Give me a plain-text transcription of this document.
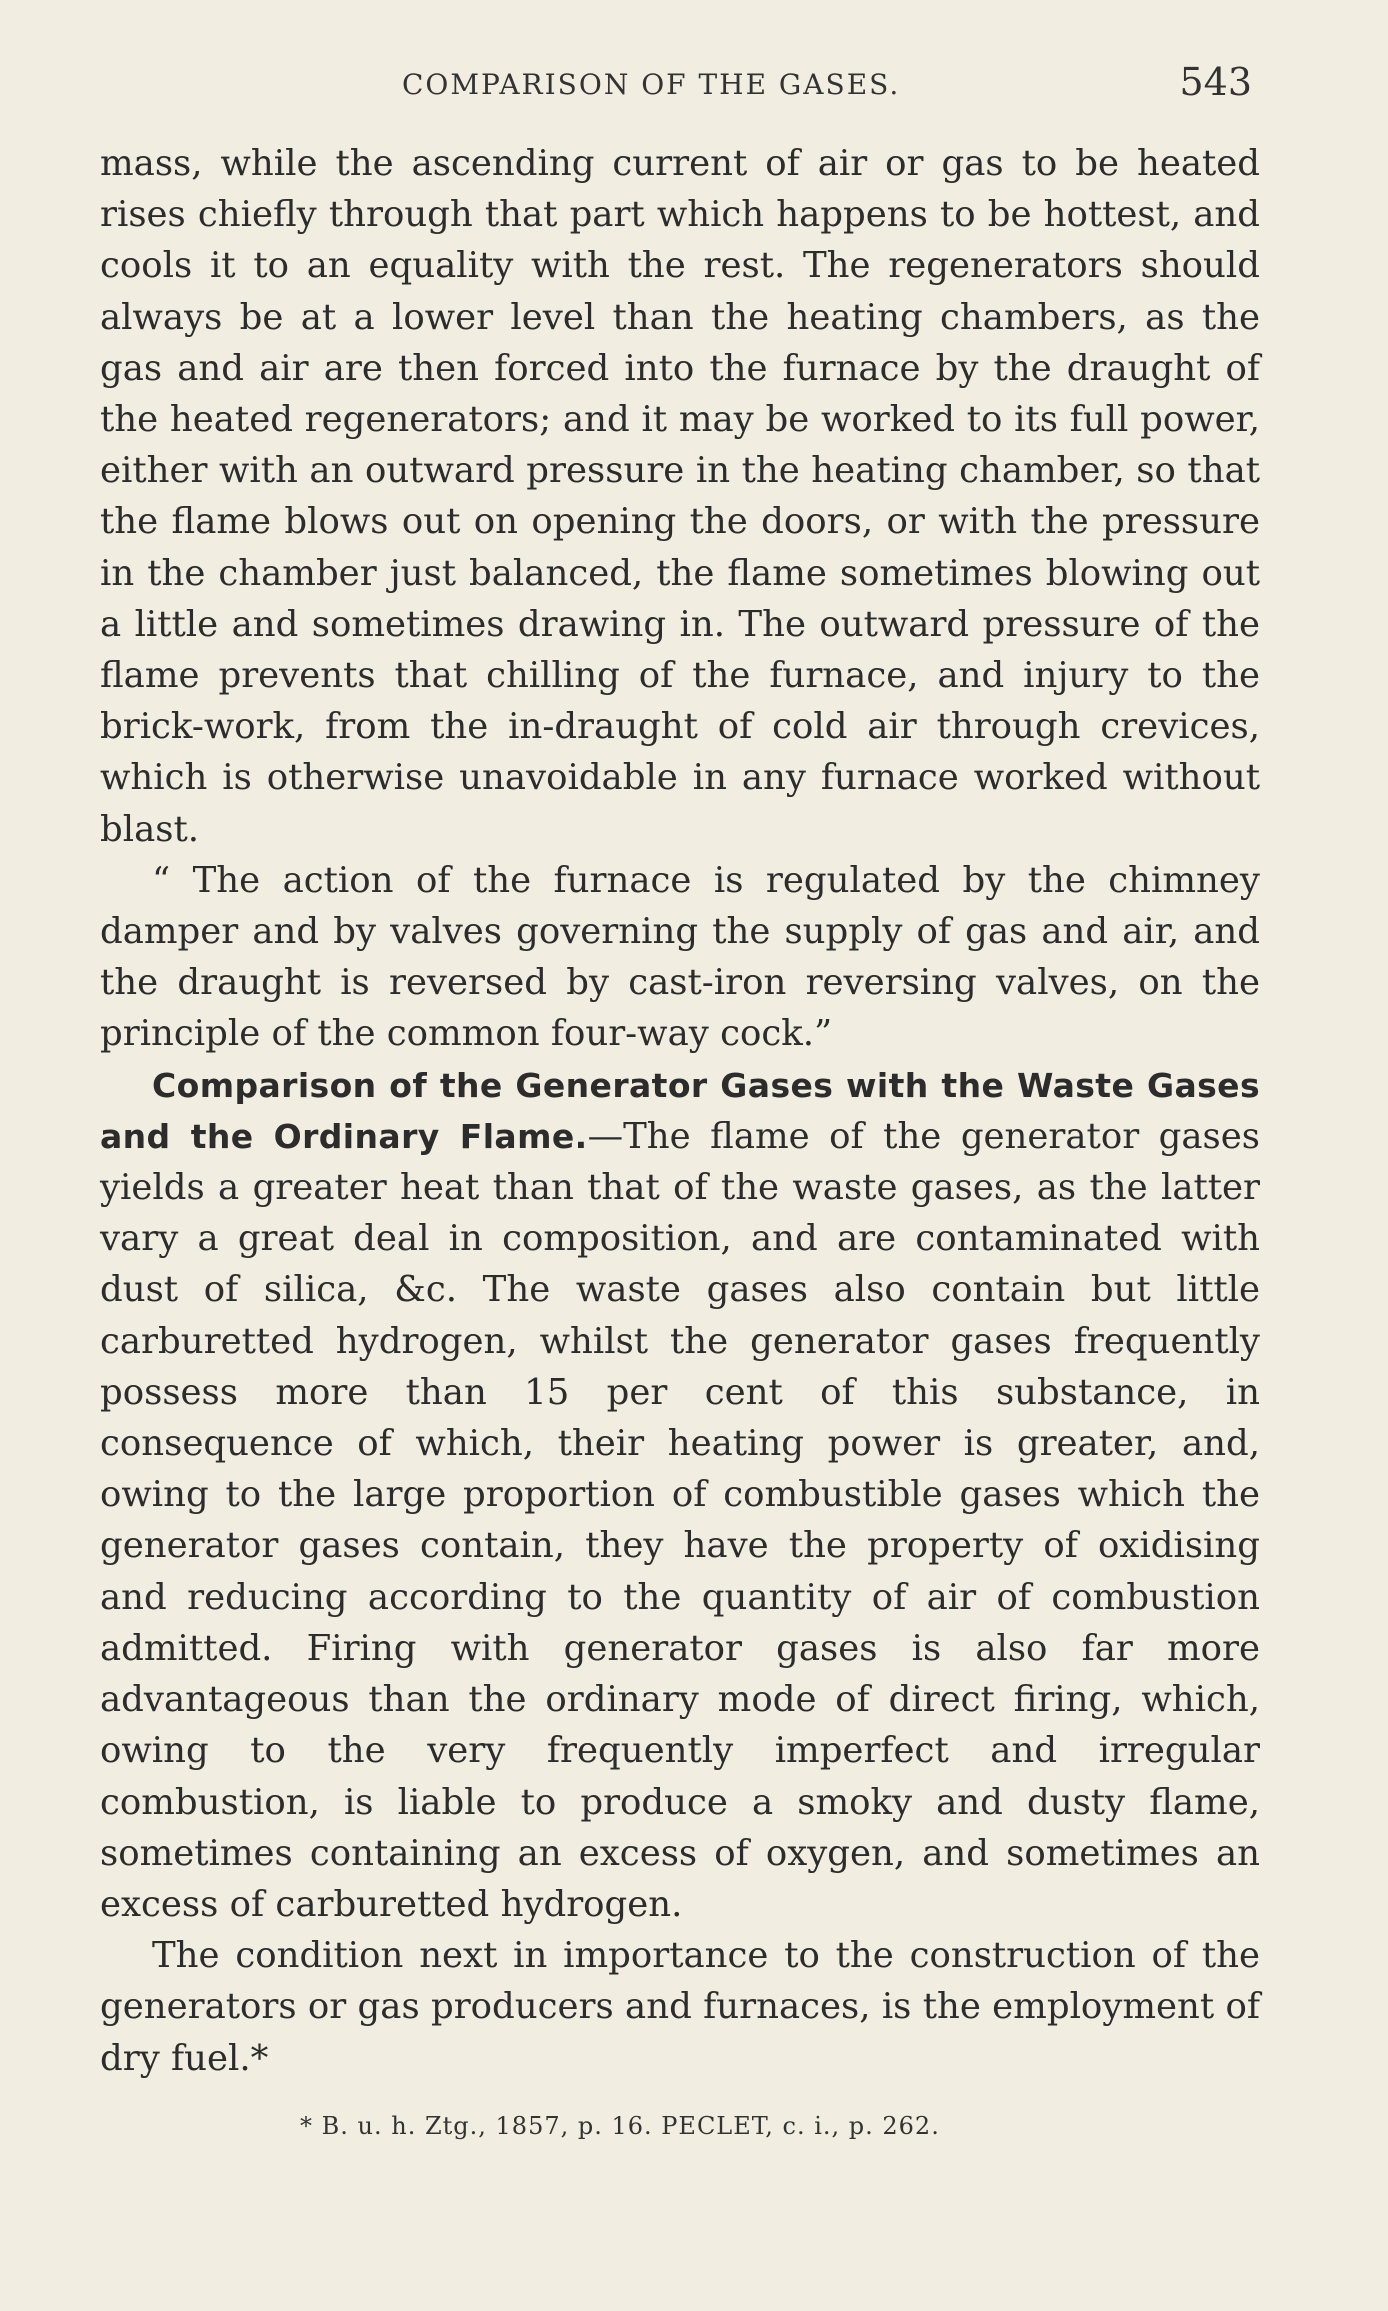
COMPARISON OF THE GASES.	543

mass, while the ascending current of air or gas to be heated rises chiefly through that part which happens to be hottest, and cools it to an equality with the rest. The regenerators should always be at a lower level than the heating chambers, as the gas and air are then forced into the furnace by the draught of the heated regenerators; and it may be worked to its full power, either with an outward pressure in the heating chamber, so that the flame blows out on opening the doors, or with the pressure in the chamber just balanced, the flame sometimes blowing out a little and sometimes drawing in. The outward pressure of the flame prevents that chilling of the furnace, and injury to the brick-work, from the in-draught of cold air through crevices, which is otherwise unavoidable in any furnace worked without blast.

“ The action of the furnace is regulated by the chimney damper and by valves governing the supply of gas and air, and the draught is reversed by cast-iron reversing valves, on the principle of the common four-way cock.”

Comparison of the Generator Gases with the Waste Gases and the Ordinary Flame.—The flame of the generator gases yields a greater heat than that of the waste gases, as the latter vary a great deal in composition, and are contaminated with dust of silica, &c. The waste gases also contain but little carburetted hydrogen, whilst the generator gases frequently possess more than 15 per cent of this substance, in consequence of which, their heating power is greater, and, owing to the large proportion of combustible gases which the generator gases contain, they have the property of oxidising and reducing according to the quantity of air of combustion admitted. Firing with generator gases is also far more advantageous than the ordinary mode of direct firing, which, owing to the very frequently imperfect and irregular combustion, is liable to produce a smoky and dusty flame, sometimes containing an excess of oxygen, and sometimes an excess of carburetted hydrogen.

The condition next in importance to the construction of the generators or gas producers and furnaces, is the employment of dry fuel.*

* B. u. h. Ztg., 1857, p. 16. PECLET, c. i., p. 262.
